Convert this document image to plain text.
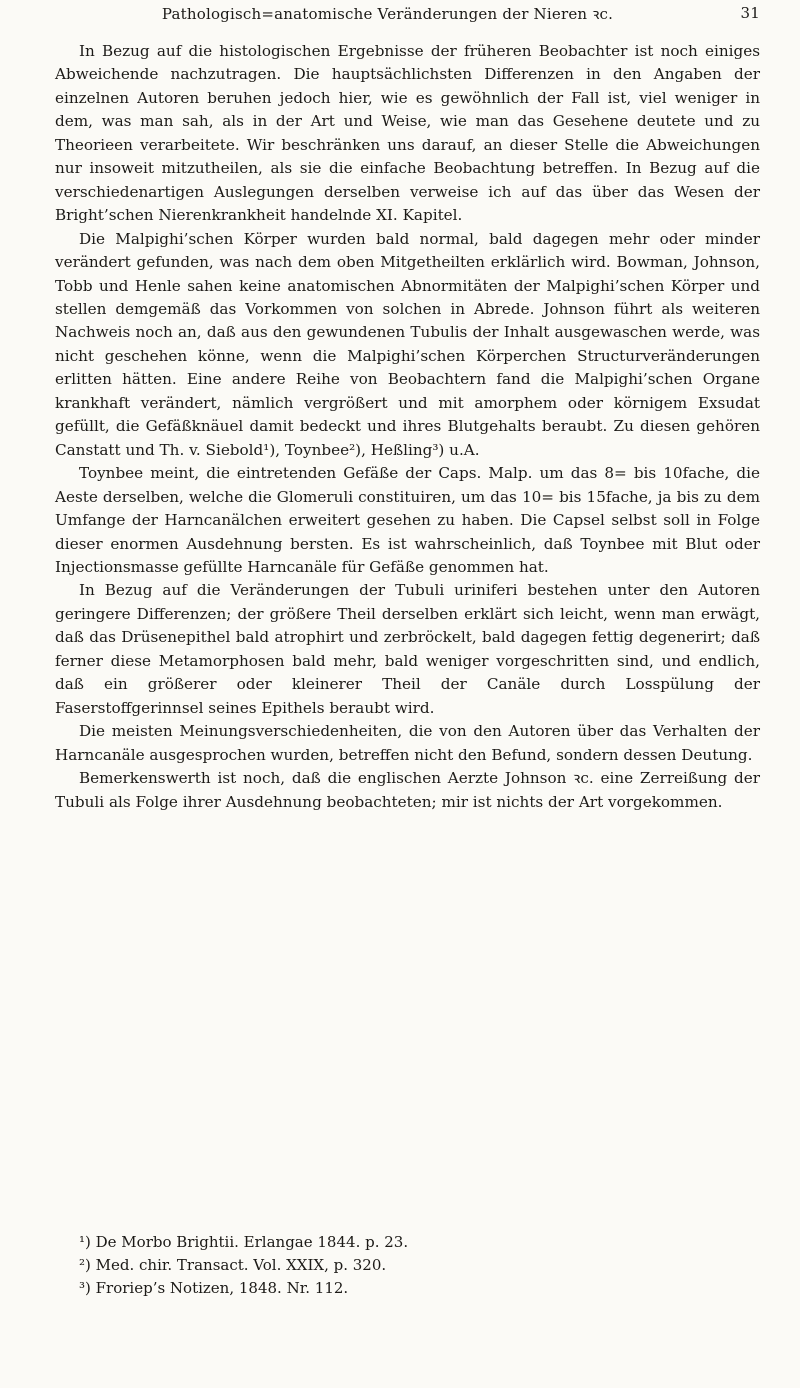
Pathologisch=anatomische Veränderungen der Nieren ꝛc.	31

In Bezug auf die histologischen Ergebnisse der früheren Beobachter ist noch einiges Abweichende nachzutragen. Die hauptsächlichsten Differenzen in den Angaben der einzelnen Autoren beruhen jedoch hier, wie es gewöhnlich der Fall ist, viel weniger in dem, was man sah, als in der Art und Weise, wie man das Gesehene deutete und zu Theorieen verarbeitete. Wir beschränken uns darauf, an dieser Stelle die Abweichungen nur insoweit mitzutheilen, als sie die einfache Beobachtung betreffen. In Bezug auf die verschiedenartigen Auslegungen derselben verweise ich auf das über das Wesen der Bright’schen Nierenkrankheit handelnde XI. Kapitel.

Die Malpighi’schen Körper wurden bald normal, bald dagegen mehr oder minder verändert gefunden, was nach dem oben Mitgetheilten erklärlich wird. Bowman, Johnson, Tobb und Henle sahen keine anatomischen Abnormitäten der Malpighi’schen Körper und stellen demgemäß das Vorkommen von solchen in Abrede. Johnson führt als weiteren Nachweis noch an, daß aus den gewundenen Tubulis der Inhalt ausgewaschen werde, was nicht geschehen könne, wenn die Malpighi’schen Körperchen Structurveränderungen erlitten hätten. Eine andere Reihe von Beobachtern fand die Malpighi’schen Organe krankhaft verändert, nämlich vergrößert und mit amorphem oder körnigem Exsudat gefüllt, die Gefäßknäuel damit bedeckt und ihres Blutgehalts beraubt. Zu diesen gehören Canstatt und Th. v. Siebold¹), Toynbee²), Heßling³) u.A.

Toynbee meint, die eintretenden Gefäße der Caps. Malp. um das 8= bis 10fache, die Aeste derselben, welche die Glomeruli constituiren, um das 10= bis 15fache, ja bis zu dem Umfange der Harncanälchen erweitert gesehen zu haben. Die Capsel selbst soll in Folge dieser enormen Ausdehnung bersten. Es ist wahrscheinlich, daß Toynbee mit Blut oder Injectionsmasse gefüllte Harncanäle für Gefäße genommen hat.

In Bezug auf die Veränderungen der Tubuli uriniferi bestehen unter den Autoren geringere Differenzen; der größere Theil derselben erklärt sich leicht, wenn man erwägt, daß das Drüsenepithel bald atrophirt und zerbröckelt, bald dagegen fettig degenerirt; daß ferner diese Metamorphosen bald mehr, bald weniger vorgeschritten sind, und endlich, daß ein größerer oder kleinerer Theil der Canäle durch Losspülung der Faserstoffgerinnsel seines Epithels beraubt wird.

Die meisten Meinungsverschiedenheiten, die von den Autoren über das Verhalten der Harncanäle ausgesprochen wurden, betreffen nicht den Befund, sondern dessen Deutung.

Bemerkenswerth ist noch, daß die englischen Aerzte Johnson ꝛc. eine Zerreißung der Tubuli als Folge ihrer Ausdehnung beobachteten; mir ist nichts der Art vorgekommen.

¹) De Morbo Brightii. Erlangae 1844. p. 23.
²) Med. chir. Transact. Vol. XXIX, p. 320.
³) Froriep’s Notizen, 1848. Nr. 112.
